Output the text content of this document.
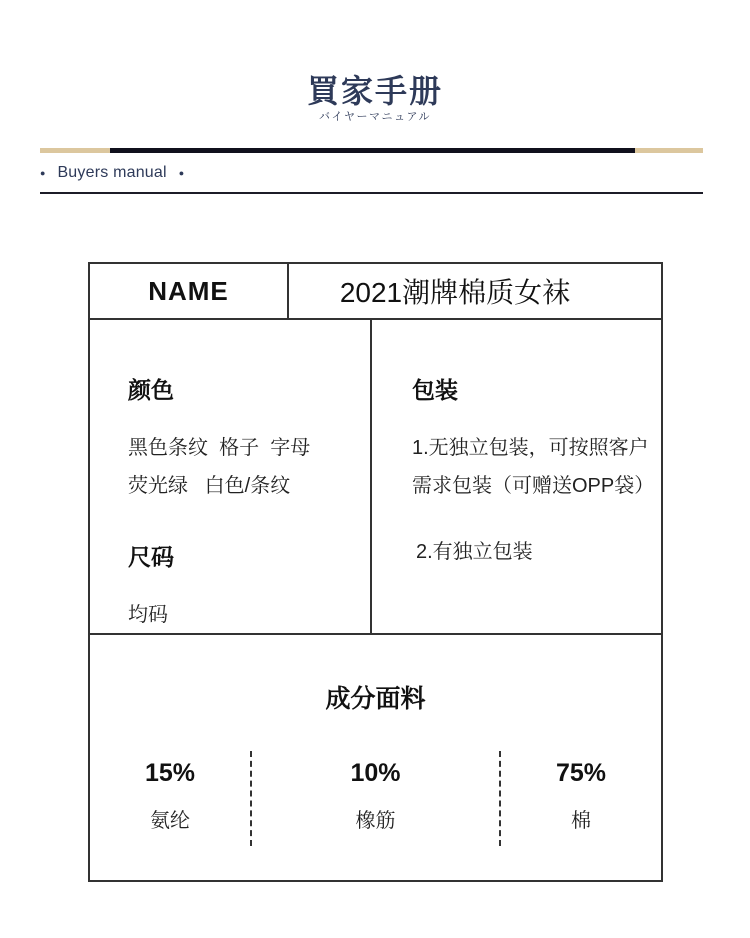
買家手册
バイヤーマニュアル
● Buyers manual ●
NAME	2021潮牌棉质女袜
颜色
黑色条纹  格子  字母
荧光绿   白色/条纹
尺码
均码
包装
1.无独立包装，可按照客户
需求包装（可赠送OPP袋）
2.有独立包装
成分面料
15%
氨纶
10%
橡筋
75%
棉
